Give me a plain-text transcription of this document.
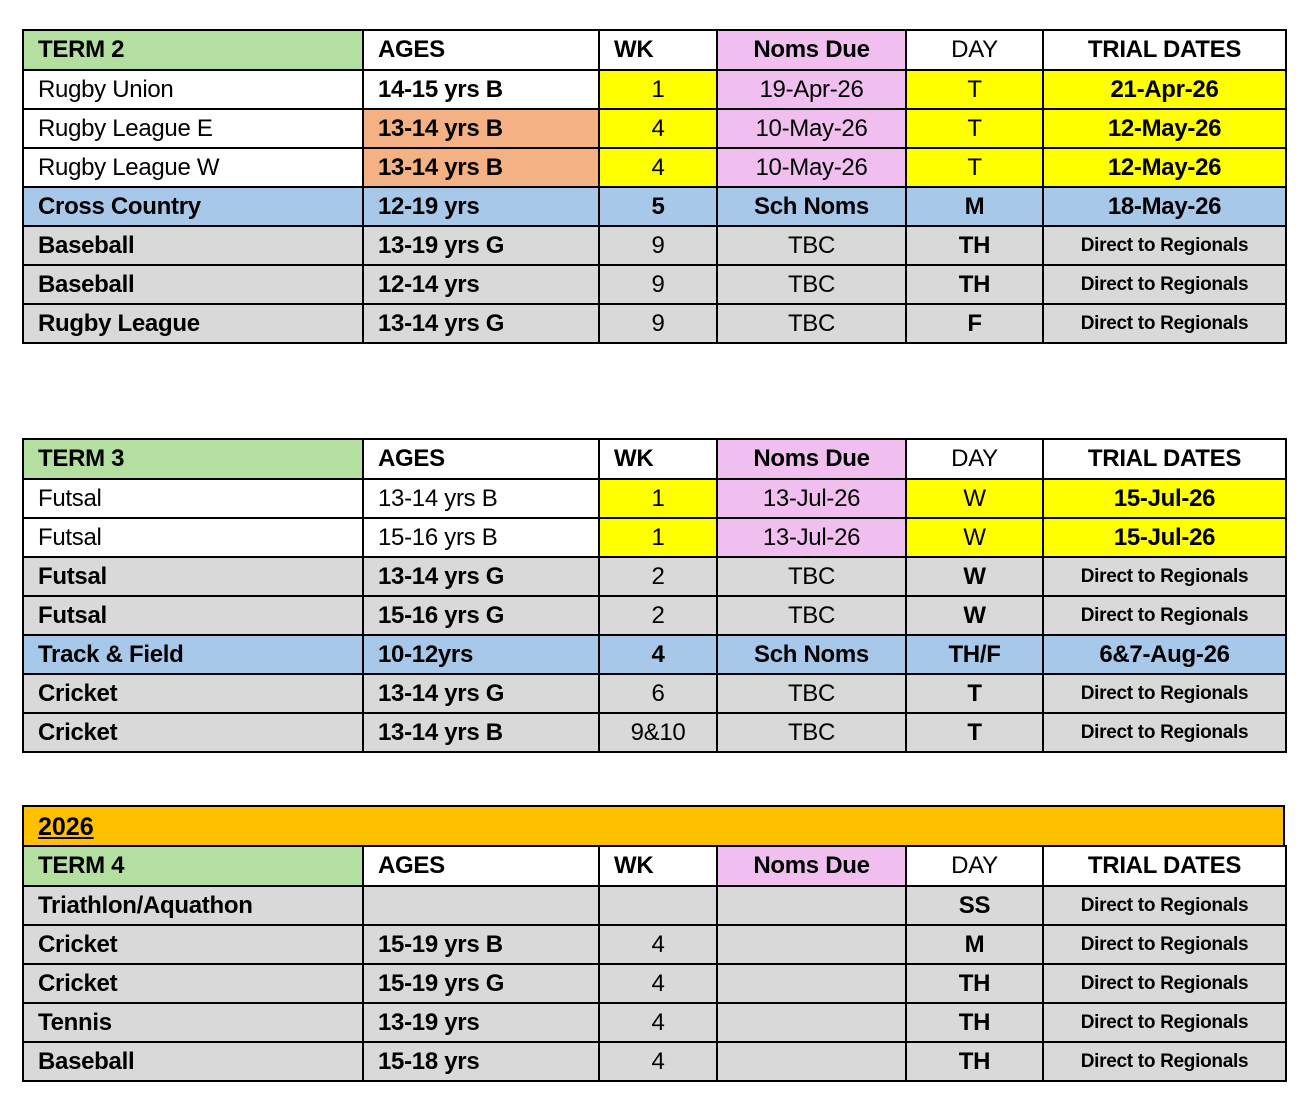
TERM 2	AGES	WK	Noms Due	DAY	TRIAL DATES
Rugby Union	14-15 yrs B	1	19-Apr-26	T	21-Apr-26
Rugby League E	13-14 yrs B	4	10-May-26	T	12-May-26
Rugby League W	13-14 yrs B	4	10-May-26	T	12-May-26
Cross Country	12-19 yrs	5	Sch Noms	M	18-May-26
Baseball	13-19 yrs G	9	TBC	TH	Direct to Regionals
Baseball	12-14 yrs	9	TBC	TH	Direct to Regionals
Rugby League	13-14 yrs G	9	TBC	F	Direct to Regionals
TERM 3	AGES	WK	Noms Due	DAY	TRIAL DATES
Futsal	13-14 yrs B	1	13-Jul-26	W	15-Jul-26
Futsal	15-16 yrs B	1	13-Jul-26	W	15-Jul-26
Futsal	13-14 yrs G	2	TBC	W	Direct to Regionals
Futsal	15-16 yrs G	2	TBC	W	Direct to Regionals
Track & Field	10-12yrs	4	Sch Noms	TH/F	6&7-Aug-26
Cricket	13-14 yrs G	6	TBC	T	Direct to Regionals
Cricket	13-14 yrs B	9&10	TBC	T	Direct to Regionals
2026
TERM 4	AGES	WK	Noms Due	DAY	TRIAL DATES
Triathlon/Aquathon				SS	Direct to Regionals
Cricket	15-19 yrs B	4		M	Direct to Regionals
Cricket	15-19 yrs G	4		TH	Direct to Regionals
Tennis	13-19 yrs	4		TH	Direct to Regionals
Baseball	15-18 yrs	4		TH	Direct to Regionals
